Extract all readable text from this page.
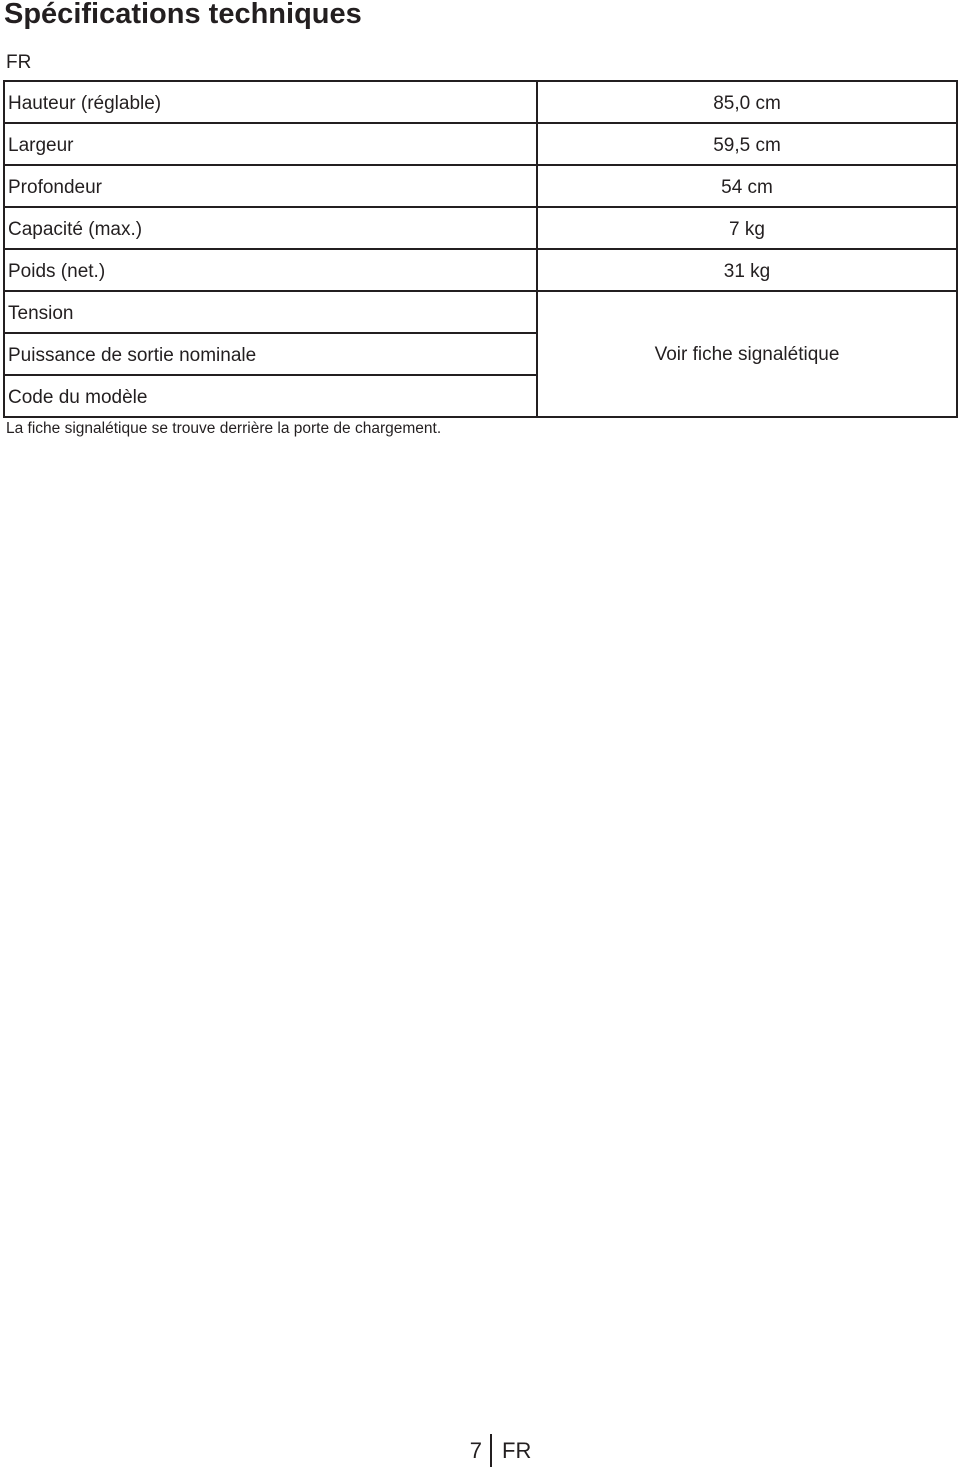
Spécifications techniques
FR
Hauteur (réglable)	85,0 cm
Largeur	59,5 cm
Profondeur	54 cm
Capacité (max.)	7 kg
Poids (net.)	31 kg
Tension	Voir fiche signalétique
Puissance de sortie nominale	
Code du modèle	
La fiche signalétique se trouve derrière la porte de chargement.
7 FR
